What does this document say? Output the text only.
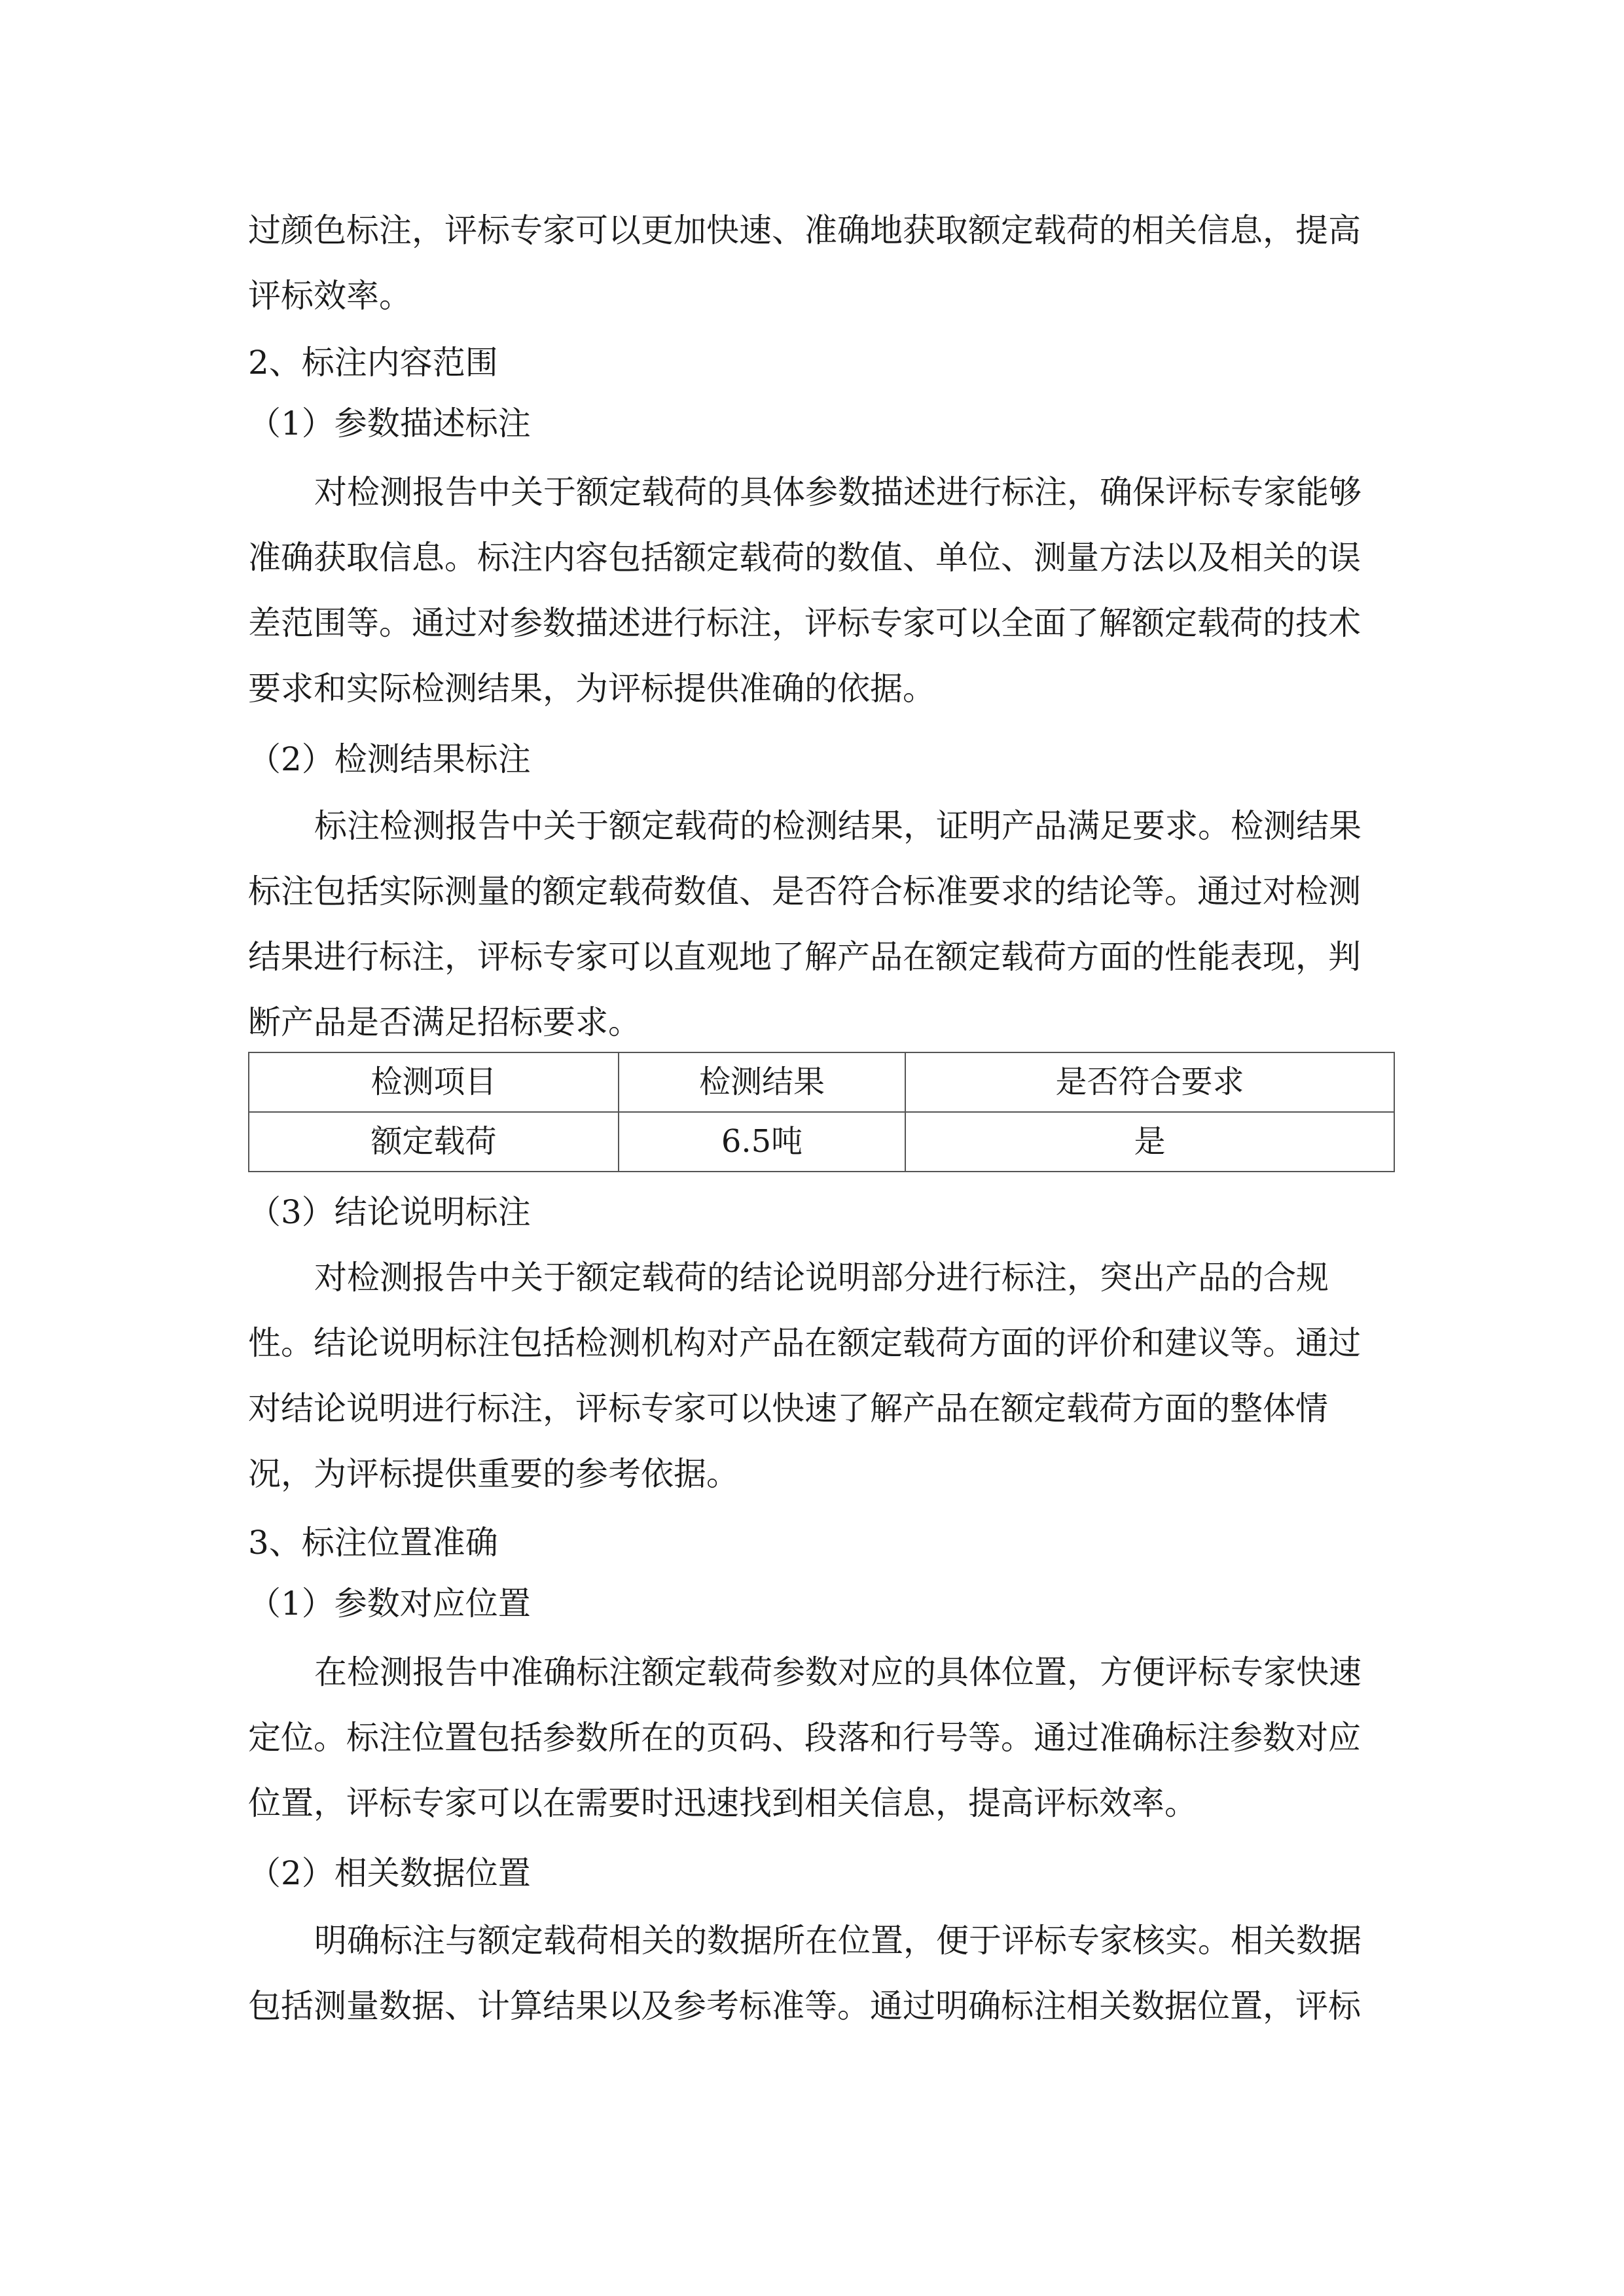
过颜色标注，评标专家可以更加快速、准确地获取额定载荷的相关信息，提高
评标效率。
2、标注内容范围
（1）参数描述标注
对检测报告中关于额定载荷的具体参数描述进行标注，确保评标专家能够
准确获取信息。标注内容包括额定载荷的数值、单位、测量方法以及相关的误
差范围等。通过对参数描述进行标注，评标专家可以全面了解额定载荷的技术
要求和实际检测结果，为评标提供准确的依据。
（2）检测结果标注
标注检测报告中关于额定载荷的检测结果，证明产品满足要求。检测结果
标注包括实际测量的额定载荷数值、是否符合标准要求的结论等。通过对检测
结果进行标注，评标专家可以直观地了解产品在额定载荷方面的性能表现，判
断产品是否满足招标要求。
检测项目	检测结果	是否符合要求
额定载荷	6.5吨	是
（3）结论说明标注
对检测报告中关于额定载荷的结论说明部分进行标注，突出产品的合规
性。结论说明标注包括检测机构对产品在额定载荷方面的评价和建议等。通过
对结论说明进行标注，评标专家可以快速了解产品在额定载荷方面的整体情
况，为评标提供重要的参考依据。
3、标注位置准确
（1）参数对应位置
在检测报告中准确标注额定载荷参数对应的具体位置，方便评标专家快速
定位。标注位置包括参数所在的页码、段落和行号等。通过准确标注参数对应
位置，评标专家可以在需要时迅速找到相关信息，提高评标效率。
（2）相关数据位置
明确标注与额定载荷相关的数据所在位置，便于评标专家核实。相关数据
包括测量数据、计算结果以及参考标准等。通过明确标注相关数据位置，评标
